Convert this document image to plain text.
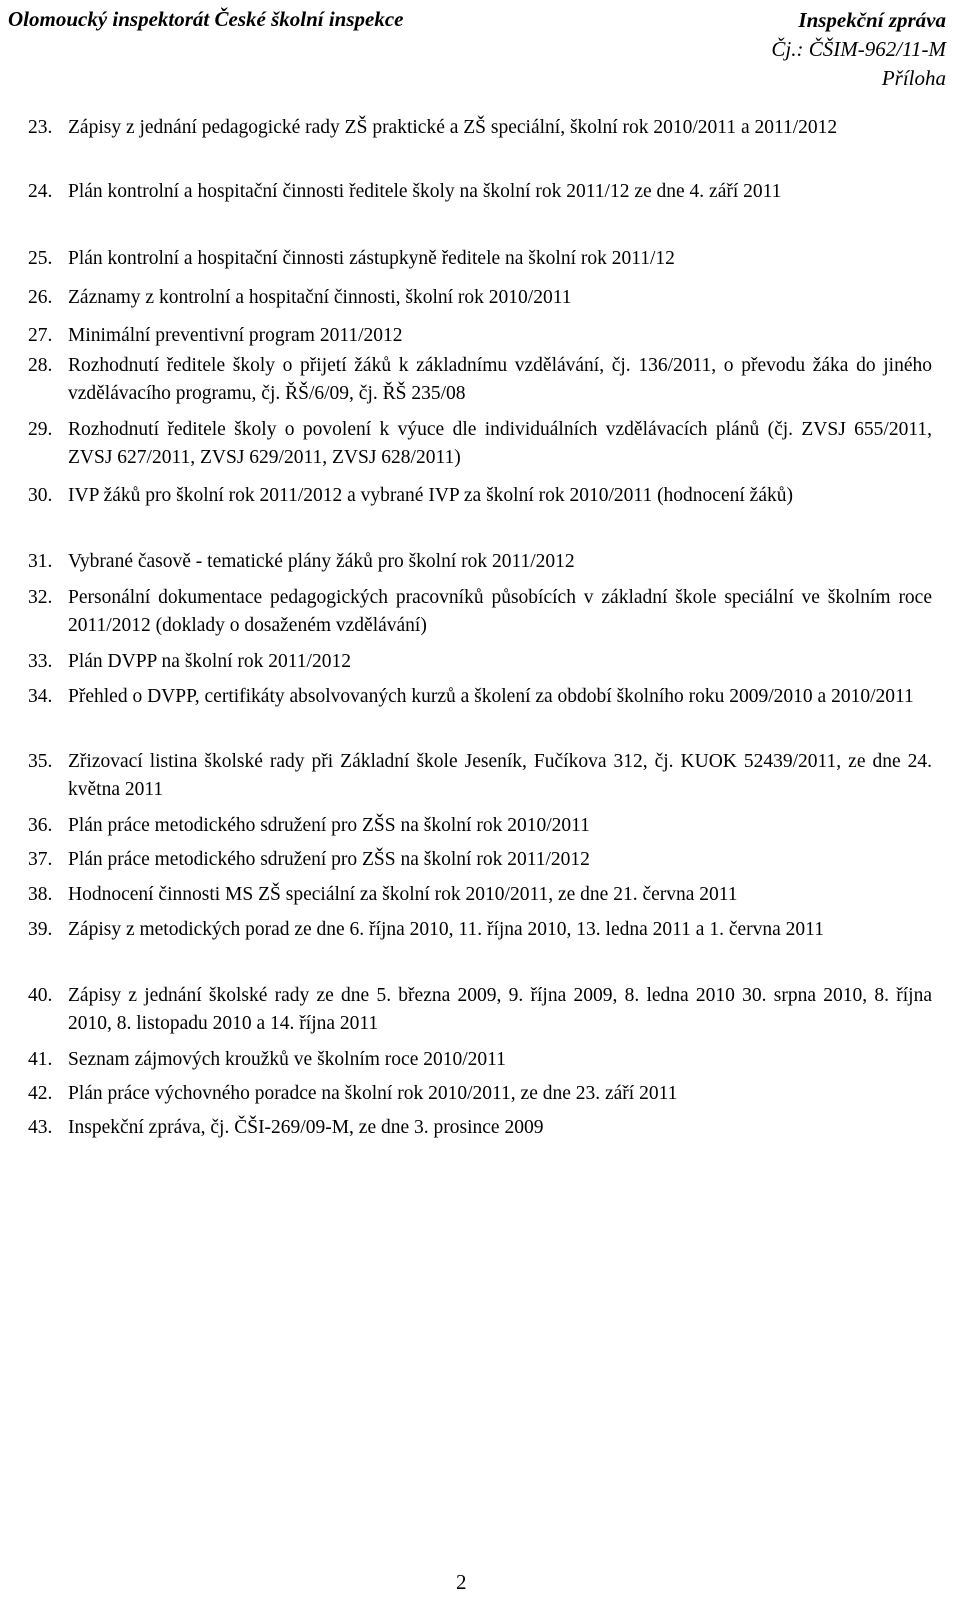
Olomoucký inspektorát České školní inspekce	Inspekční zpráva
Čj.: ČŠIM-962/11-M
Příloha
23. Zápisy z jednání pedagogické rady ZŠ praktické a ZŠ speciální, školní rok 2010/2011 a 2011/2012
24. Plán kontrolní a hospitační činnosti ředitele školy na školní rok 2011/12 ze dne 4. září 2011
25. Plán kontrolní a hospitační činnosti zástupkyně ředitele na školní rok 2011/12
26. Záznamy z kontrolní a hospitační činnosti, školní rok 2010/2011
27. Minimální preventivní program 2011/2012
28. Rozhodnutí ředitele školy o přijetí žáků k základnímu vzdělávání, čj. 136/2011, o převodu žáka do jiného vzdělávacího programu, čj. ŘŠ/6/09, čj. ŘŠ 235/08
29. Rozhodnutí ředitele školy o povolení k výuce dle individuálních vzdělávacích plánů (čj. ZVSJ 655/2011, ZVSJ 627/2011, ZVSJ 629/2011, ZVSJ 628/2011)
30. IVP žáků pro školní rok 2011/2012 a vybrané IVP za školní rok 2010/2011 (hodnocení žáků)
31. Vybrané časově - tematické plány žáků pro školní rok 2011/2012
32. Personální dokumentace pedagogických pracovníků působících v základní škole speciální ve školním roce 2011/2012 (doklady o dosaženém vzdělávání)
33. Plán DVPP na školní rok 2011/2012
34. Přehled o DVPP, certifikáty absolvovaných kurzů a školení za období školního roku 2009/2010 a 2010/2011
35. Zřizovací listina školské rady při Základní škole Jeseník, Fučíkova 312, čj. KUOK 52439/2011, ze dne 24. května 2011
36. Plán práce metodického sdružení pro ZŠS na školní rok 2010/2011
37. Plán práce metodického sdružení pro ZŠS na školní rok 2011/2012
38. Hodnocení činnosti MS ZŠ speciální za školní rok 2010/2011, ze dne 21. června 2011
39. Zápisy z metodických porad ze dne 6. října 2010, 11. října 2010, 13. ledna 2011 a 1. června 2011
40. Zápisy z jednání školské rady ze dne 5. března 2009, 9. října 2009, 8. ledna 2010 30. srpna 2010, 8. října 2010, 8. listopadu 2010 a 14. října 2011
41. Seznam zájmových kroužků ve školním roce 2010/2011
42. Plán práce výchovného poradce na školní rok 2010/2011, ze dne 23. září 2011
43. Inspekční zpráva, čj. ČŠI-269/09-M, ze dne 3. prosince 2009
2
